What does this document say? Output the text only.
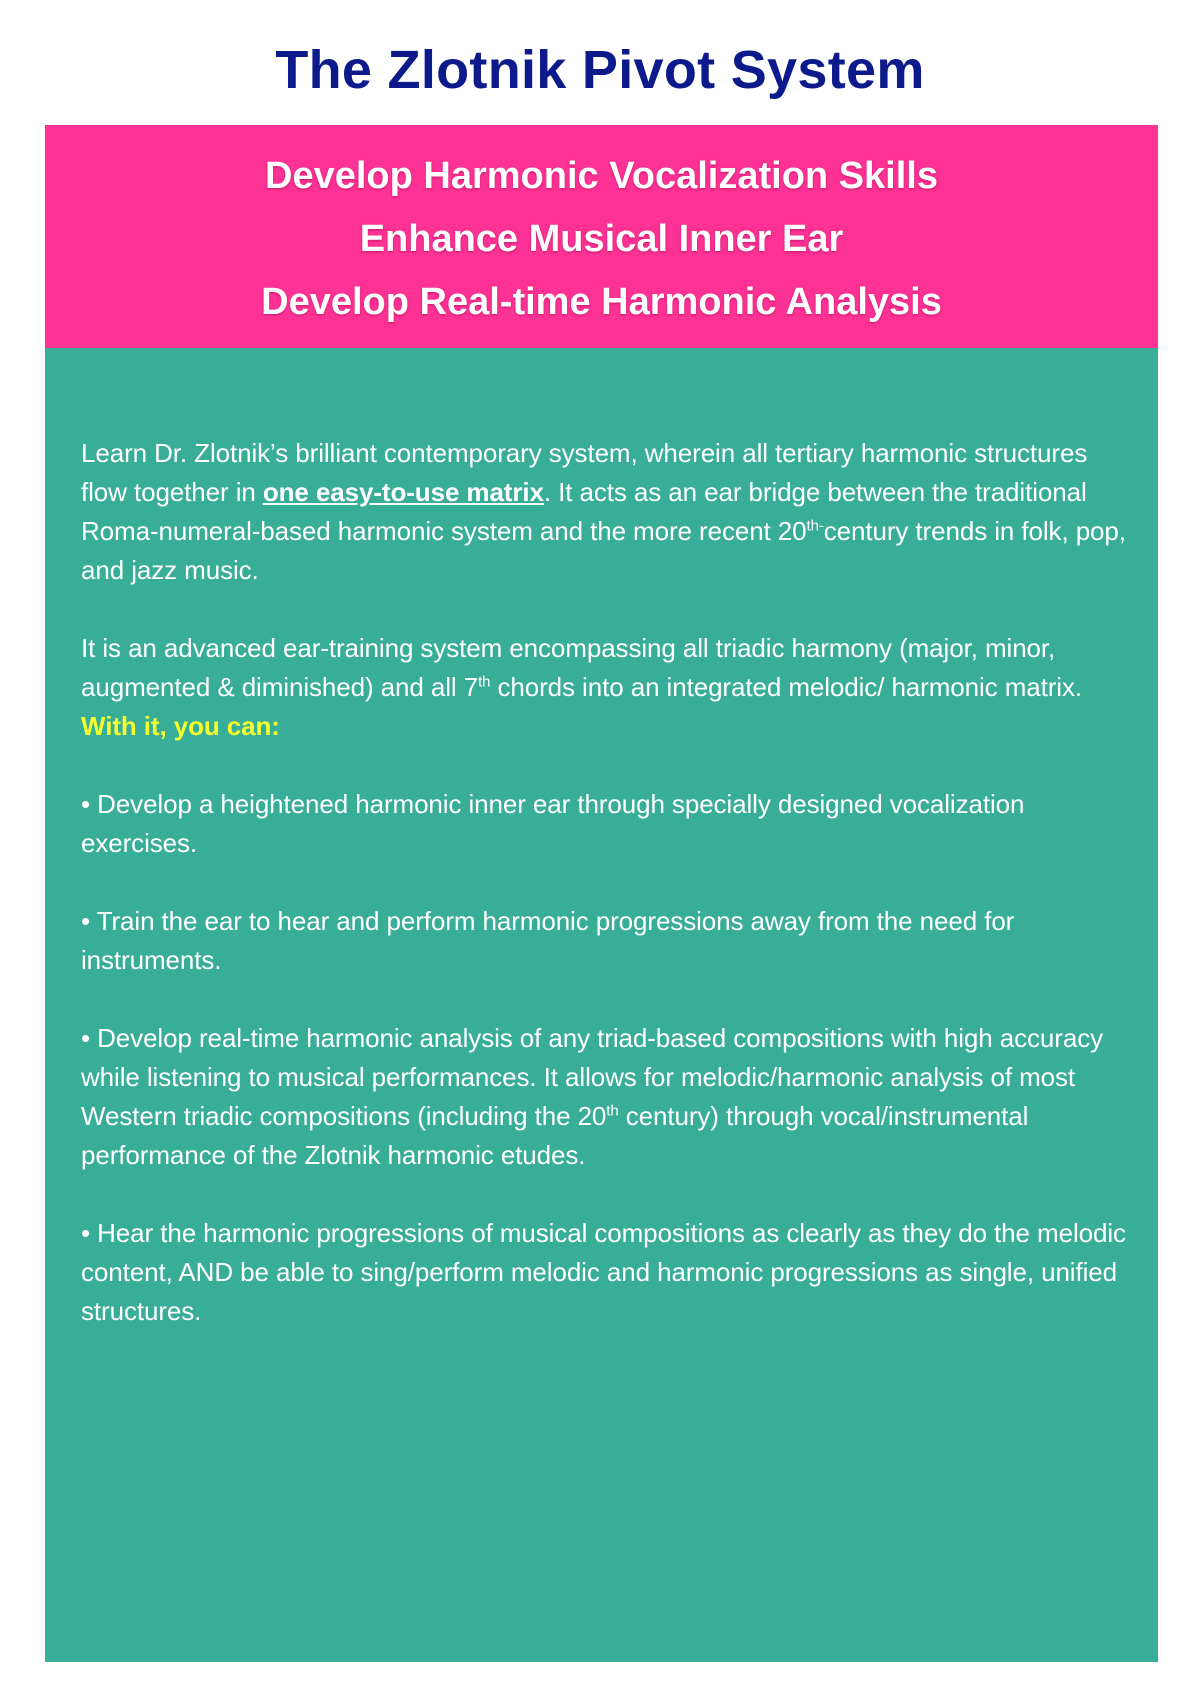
The Zlotnik Pivot System
Develop Harmonic Vocalization Skills
Enhance Musical Inner Ear
Develop Real-time Harmonic Analysis

Learn Dr. Zlotnik’s brilliant contemporary system, wherein all tertiary harmonic structures flow together in one easy-to-use matrix. It acts as an ear bridge between the traditional Roma-numeral-based harmonic system and the more recent $20^{th-}century$ trends in folk, pop, and jazz music.

It is an advanced ear-training system encompassing all triadic harmony (major, minor, augmented & diminished) and all 7th chords into an integrated melodic/ harmonic matrix. With it, you can:

• Develop a heightened harmonic inner ear through specially designed vocalization exercises.

• Train the ear to hear and perform harmonic progressions away from the need for instruments.

• Develop real-time harmonic analysis of any triad-based compositions with high accuracy while listening to musical performances. It allows for melodic/harmonic analysis of most Western triadic compositions (including the 20th century) through vocal/instrumental performance of the Zlotnik harmonic etudes.

• Hear the harmonic progressions of musical compositions as clearly as they do the melodic content, AND be able to sing/perform melodic and harmonic progressions as single, unified structures.
